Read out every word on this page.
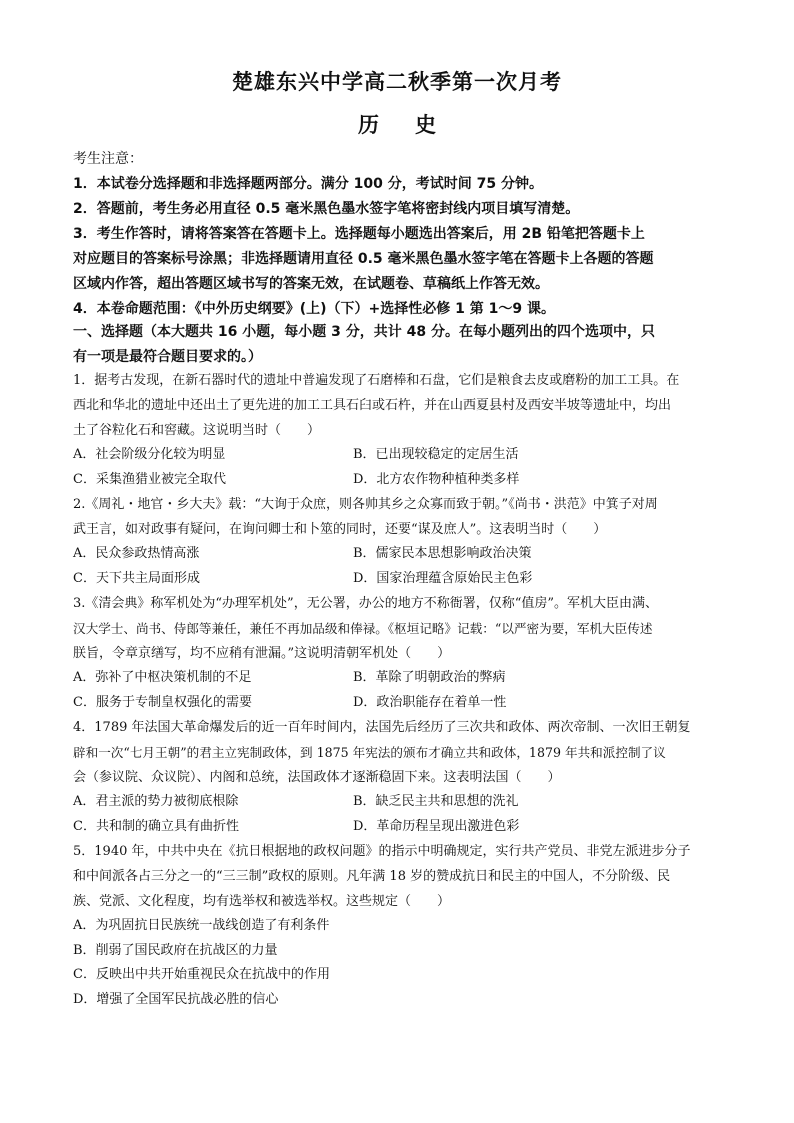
楚雄东兴中学高二秋季第一次月考
历史
考生注意：
1．本试卷分选择题和非选择题两部分。满分 100 分，考试时间 75 分钟。
2．答题前，考生务必用直径 0.5 毫米黑色墨水签字笔将密封线内项目填写清楚。
3．考生作答时，请将答案答在答题卡上。选择题每小题选出答案后，用 2B 铅笔把答题卡上
对应题目的答案标号涂黑；非选择题请用直径 0.5 毫米黑色墨水签字笔在答题卡上各题的答题
区域内作答，超出答题区域书写的答案无效，在试题卷、草稿纸上作答无效。
4．本卷命题范围：《中外历史纲要》(上)（下）+选择性必修 1 第 1～9 课。
一、选择题（本大题共 16 小题，每小题 3 分，共计 48 分。在每小题列出的四个选项中，只
有一项是最符合题目要求的。）
1．据考古发现，在新石器时代的遗址中普遍发现了石磨棒和石盘，它们是粮食去皮或磨粉的加工工具。在
西北和华北的遗址中还出土了更先进的加工工具石臼或石杵，并在山西夏县村及西安半坡等遗址中，均出
土了谷粒化石和窖藏。这说明当时（　　）
A．社会阶级分化较为明显	B．已出现较稳定的定居生活
C．采集渔猎业被完全取代	D．北方农作物种植种类多样
2.《周礼・地官・乡大夫》载：“大询于众庶，则各帅其乡之众寡而致于朝。”《尚书・洪范》中箕子对周
武王言，如对政事有疑问，在询问卿士和卜筮的同时，还要“谋及庶人”。这表明当时（　　）
A．民众参政热情高涨	B．儒家民本思想影响政治决策
C．天下共主局面形成	D．国家治理蕴含原始民主色彩
3.《清会典》称军机处为“办理军机处”，无公署，办公的地方不称衙署，仅称“值房”。军机大臣由满、
汉大学士、尚书、侍郎等兼任，兼任不再加品级和俸禄。《枢垣记略》记载：“以严密为要，军机大臣传述
朕旨，令章京缮写，均不应稍有泄漏。”这说明清朝军机处（　　）
A．弥补了中枢决策机制的不足	B．革除了明朝政治的弊病
C．服务于专制皇权强化的需要	D．政治职能存在着单一性
4．1789 年法国大革命爆发后的近一百年时间内，法国先后经历了三次共和政体、两次帝制、一次旧王朝复
辟和一次“七月王朝”的君主立宪制政体，到 1875 年宪法的颁布才确立共和政体，1879 年共和派控制了议
会（参议院、众议院）、内阁和总统，法国政体才逐渐稳固下来。这表明法国（　　）
A．君主派的势力被彻底根除	B．缺乏民主共和思想的洗礼
C．共和制的确立具有曲折性	D．革命历程呈现出激进色彩
5．1940 年，中共中央在《抗日根据地的政权问题》的指示中明确规定，实行共产党员、非党左派进步分子
和中间派各占三分之一的“三三制”政权的原则。凡年满 18 岁的赞成抗日和民主的中国人，不分阶级、民
族、党派、文化程度，均有选举权和被选举权。这些规定（　　）
A．为巩固抗日民族统一战线创造了有利条件
B．削弱了国民政府在抗战区的力量
C．反映出中共开始重视民众在抗战中的作用
D．增强了全国军民抗战必胜的信心
